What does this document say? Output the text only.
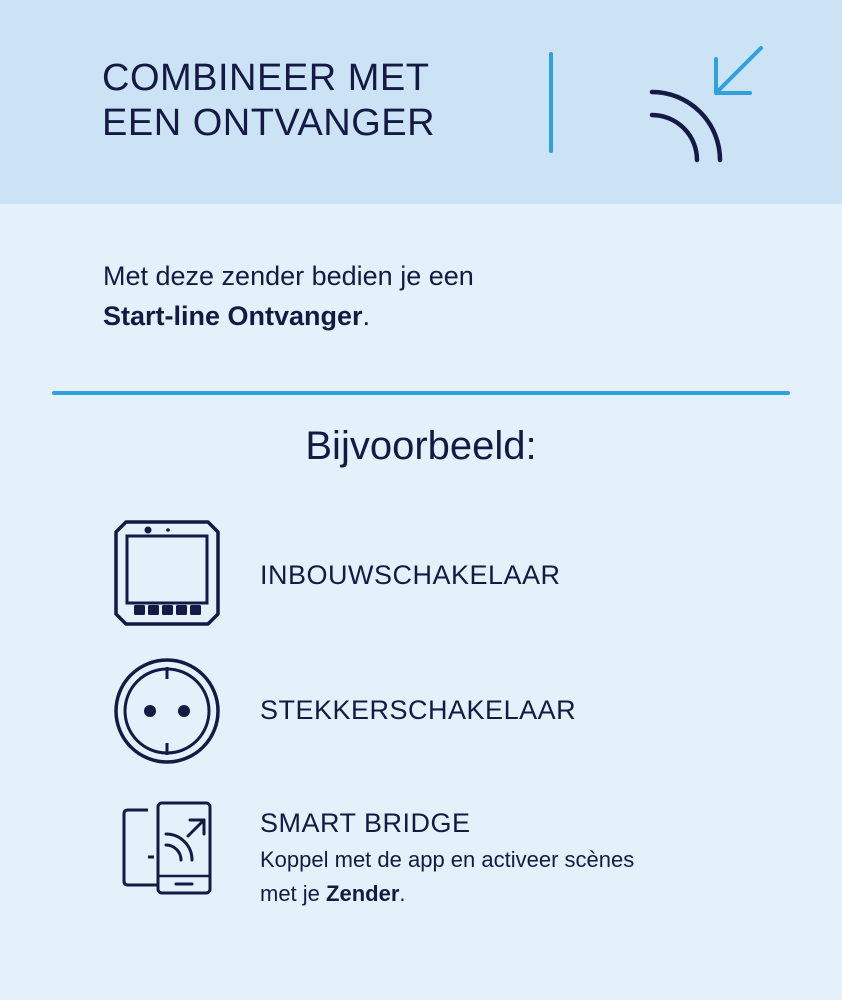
COMBINEER MET
EEN ONTVANGER

Met deze zender bedien je een
Start-line Ontvanger.

Bijvoorbeeld:

INBOUWSCHAKELAAR

STEKKERSCHAKELAAR

SMART BRIDGE

Koppel met de app en activeer scènes
met je Zender.
